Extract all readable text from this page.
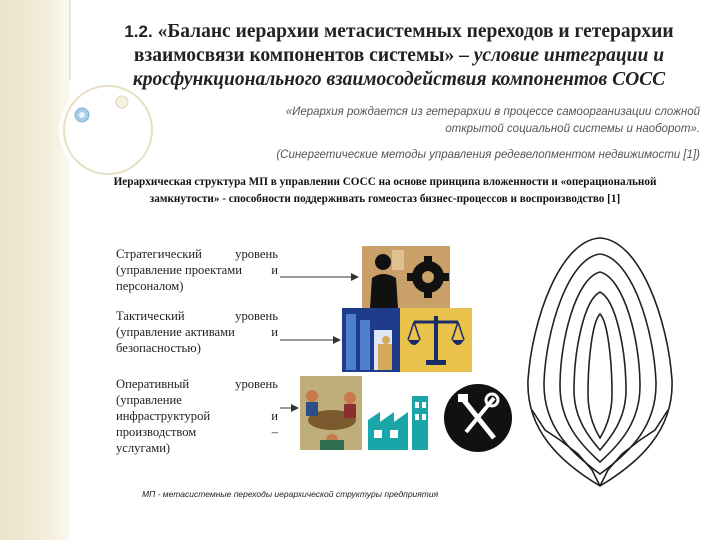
1.2. «Баланс иерархии метасистемных переходов и гетерархии взаимосвязи компонентов системы» – условие интеграции и кросфункционального взаимосодействия компонентов СОСС
«Иерархия рождается из гетерархии в процессе самоорганизации сложной открытой социальной системы и наоборот».
(Синергетические методы управления редевелопментом недвижимости [1])
Иерархическая структура МП в управлении СОСС на основе принципа вложенности и «операциональной замкнутости» - способности поддерживать гомеостаз бизнес-процессов и воспроизводство [1]
Стратегический	уровень
(управление проектами и
персоналом)
Тактический	уровень
(управление активами	и
безопасностью)
Оперативный	уровень
(управление
инфраструктурой	и
производством	–
услугами)
МП - метасистемные переходы иерархической структуры предприятия
